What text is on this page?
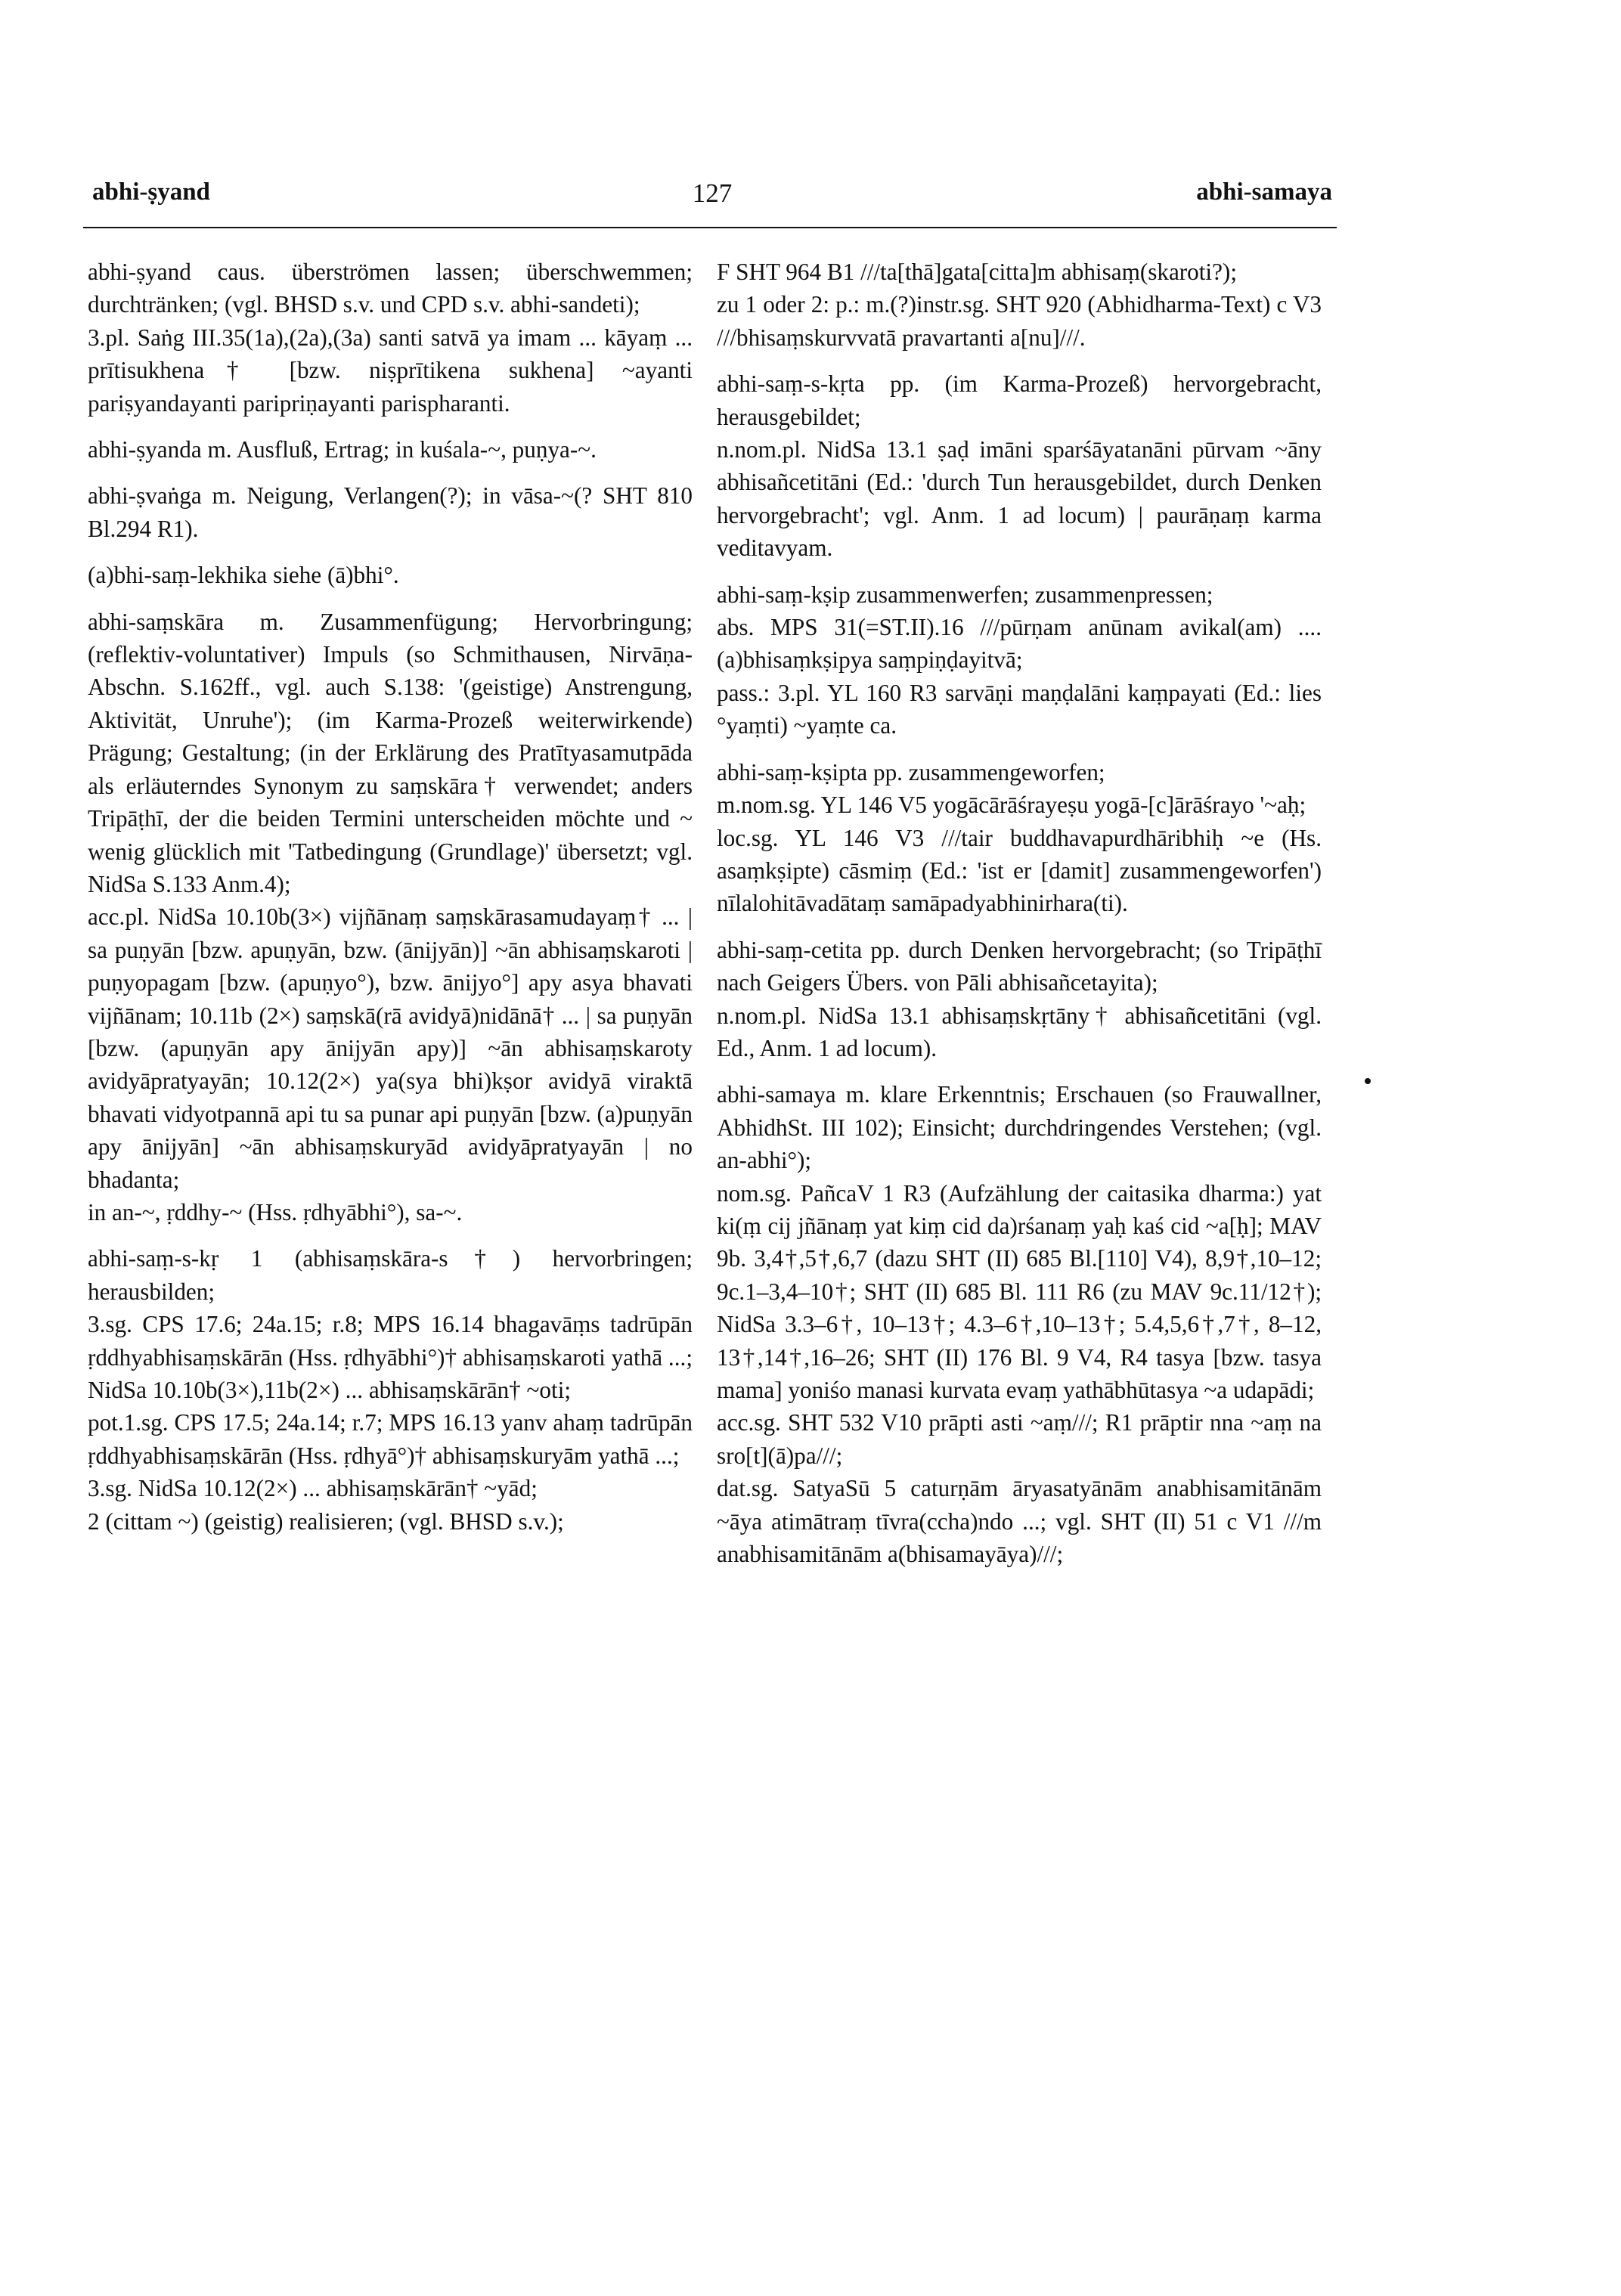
abhi-ṣyand	127	abhi-samaya

abhi-ṣyand caus. überströmen lassen; überschwemmen; durchtränken; (vgl. BHSD s.v. und CPD s.v. abhi-sandeti);

3.pl. Saṅg III.35(1a),(2a),(3a) santi satvā ya imam ... kāyaṃ ... prītisukhena† [bzw. niṣprītikena sukhena] ~ayanti pariṣyandayanti paripriṇayanti parispharanti.

abhi-ṣyanda m. Ausfluß, Ertrag; in kuśala-~, puṇya-~.

abhi-ṣvaṅga m. Neigung, Verlangen(?); in vāsa-~(? SHT 810 Bl.294 R1).

(a)bhi-saṃ-lekhika siehe (ā)bhi°.

abhi-saṃskāra m. Zusammenfügung; Hervorbringung; (reflektiv-voluntativer) Impuls (so Schmithausen, Nirvāṇa-Abschn. S.162ff., vgl. auch S.138: '(geistige) Anstrengung, Aktivität, Unruhe'); (im Karma-Prozeß weiterwirkende) Prägung; Gestaltung; (in der Erklärung des Pratītyasamutpāda als erläuterndes Synonym zu saṃskāra† verwendet; anders Tripāṭhī, der die beiden Termini unterscheiden möchte und ~ wenig glücklich mit 'Tatbedingung (Grundlage)' übersetzt; vgl. NidSa S.133 Anm.4);

acc.pl. NidSa 10.10b(3×) vijñānaṃ saṃskārasamudayaṃ† ... | sa puṇyān [bzw. apuṇyān, bzw. (ānijyān)] ~ān abhisaṃskaroti | puṇyopagam [bzw. (apuṇyo°), bzw. ānijyo°] apy asya bhavati vijñānam; 10.11b (2×) saṃskā(rā avidyā)nidānā† ... | sa puṇyān [bzw. (apuṇyān apy ānijyān apy)] ~ān abhisaṃskaroty avidyāpratyayān; 10.12(2×) ya(sya bhi)kṣor avidyā viraktā bhavati vidyotpannā api tu sa punar api puṇyān [bzw. (a)puṇyān apy ānijyān] ~ān abhisaṃskuryād avidyāpratyayān | no bhadanta;

in an-~, ṛddhy-~ (Hss. ṛdhyābhi°), sa-~.

abhi-saṃ-s-kṛ 1 (abhisaṃskāra-s†) hervorbringen; herausbilden;

3.sg. CPS 17.6; 24a.15; r.8; MPS 16.14 bhagavāṃs tadrūpān ṛddhyabhisaṃskārān (Hss. ṛdhyābhi°)† abhisaṃskaroti yathā ...; NidSa 10.10b(3×),11b(2×) ... abhisaṃskārān† ~oti;

pot.1.sg. CPS 17.5; 24a.14; r.7; MPS 16.13 yanv ahaṃ tadrūpān ṛddhyabhisaṃskārān (Hss. ṛdhyā°)† abhisaṃskuryām yathā ...;

3.sg. NidSa 10.12(2×) ... abhisaṃskārān† ~yād;

2 (cittam ~) (geistig) realisieren; (vgl. BHSD s.v.);

F SHT 964 B1 ///ta[thā]gata[citta]m abhisaṃ(skaroti?);

zu 1 oder 2: p.: m.(?)instr.sg. SHT 920 (Abhidharma-Text) c V3 ///bhisaṃskurvvatā pravartanti a[nu]///.

abhi-saṃ-s-kṛta pp. (im Karma-Prozeß) hervorgebracht, herausgebildet;

n.nom.pl. NidSa 13.1 ṣaḍ imāni sparśāyatanāni pūrvam ~āny abhisañcetitāni (Ed.: 'durch Tun herausgebildet, durch Denken hervorgebracht'; vgl. Anm. 1 ad locum) | paurāṇaṃ karma veditavyam.

abhi-saṃ-kṣip zusammenwerfen; zusammenpressen;

abs. MPS 31(=ST.II).16 ///pūrṇam anūnam avikal(am) .... (a)bhisaṃkṣipya saṃpiṇḍayitvā;

pass.: 3.pl. YL 160 R3 sarvāṇi maṇḍalāni kaṃpayati (Ed.: lies °yaṃti) ~yaṃte ca.

abhi-saṃ-kṣipta pp. zusammengeworfen;

m.nom.sg. YL 146 V5 yogācārāśrayeṣu yogā-[c]ārāśrayo '~aḥ;

loc.sg. YL 146 V3 ///tair buddhavapurdhāribhiḥ ~e (Hs. asaṃkṣipte) cāsmiṃ (Ed.: 'ist er [damit] zusammengeworfen') nīlalohitāvadātaṃ samāpadyabhinirhara(ti).

abhi-saṃ-cetita pp. durch Denken hervorgebracht; (so Tripāṭhī nach Geigers Übers. von Pāli abhisañcetayita);

n.nom.pl. NidSa 13.1 abhisaṃskṛtāny† abhisañcetitāni (vgl. Ed., Anm. 1 ad locum).

abhi-samaya m. klare Erkenntnis; Erschauen (so Frauwallner, AbhidhSt. III 102); Einsicht; durchdringendes Verstehen; (vgl. an-abhi°);

nom.sg. PañcaV 1 R3 (Aufzählung der caitasika dharma:) yat ki(ṃ cij jñānaṃ yat kiṃ cid da)rśanaṃ yaḥ kaś cid ~a[ḥ]; MAV 9b. 3,4†,5†,6,7 (dazu SHT (II) 685 Bl.[110] V4), 8,9†,10–12; 9c.1–3,4–10†; SHT (II) 685 Bl. 111 R6 (zu MAV 9c.11/12†); NidSa 3.3–6†, 10–13†; 4.3–6†,10–13†; 5.4,5,6†,7†, 8–12, 13†,14†,16–26; SHT (II) 176 Bl. 9 V4, R4 tasya [bzw. tasya mama] yoniśo manasi kurvata evaṃ yathābhūtasya ~a udapādi;

acc.sg. SHT 532 V10 prāpti asti ~aṃ///; R1 prāptir nna ~aṃ na sro[t](ā)pa///;

dat.sg. SatyaSū 5 caturṇām āryasatyānām anabhisamitānām ~āya atimātraṃ tīvra(ccha)ndo ...; vgl. SHT (II) 51 c V1 ///m anabhisamitānām a(bhisamayāya)///;
